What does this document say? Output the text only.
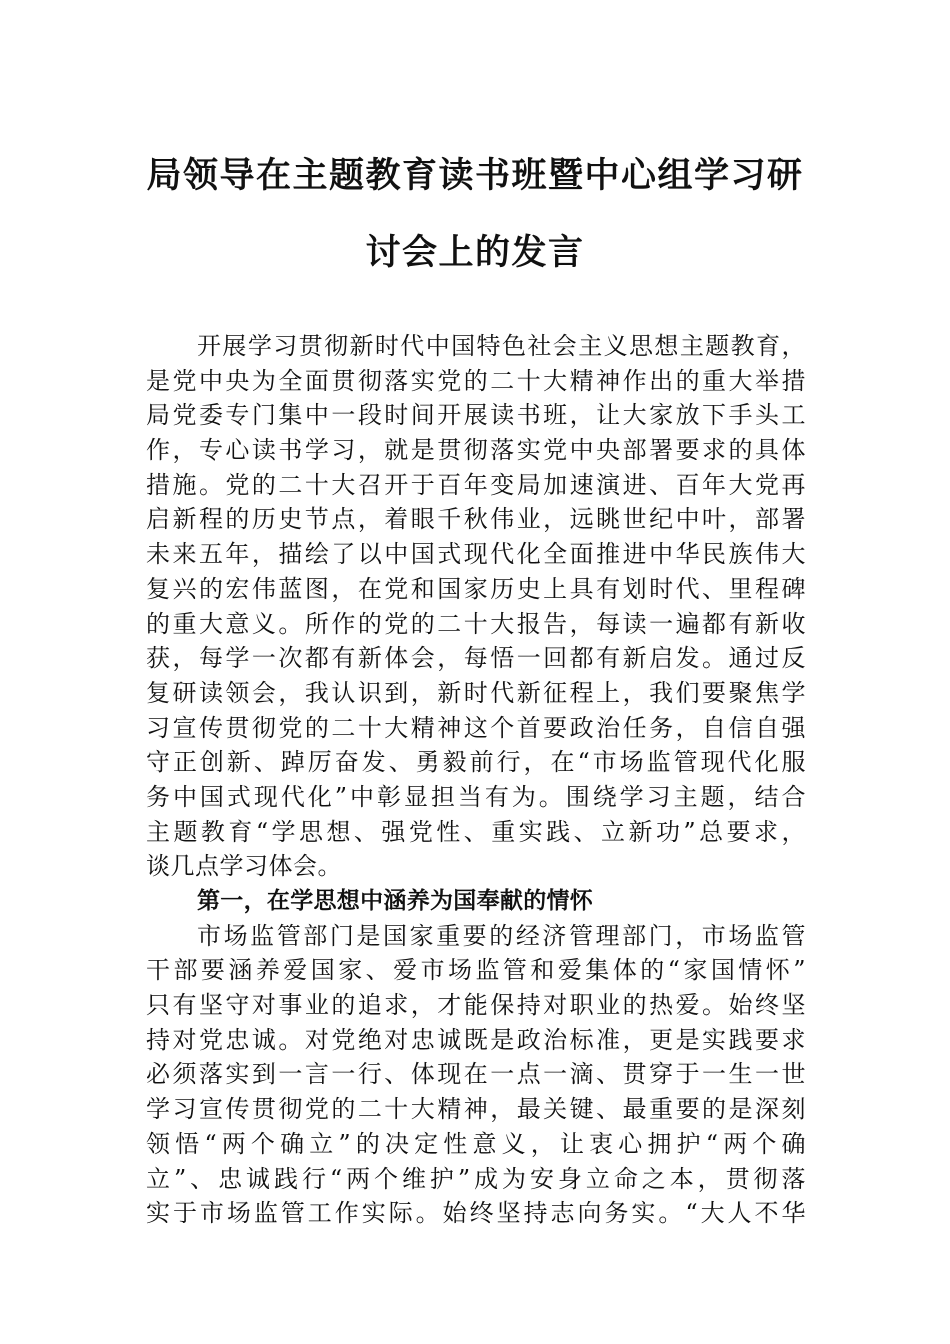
局领导在主题教育读书班暨中心组学习研
讨会上的发言
开展学习贯彻新时代中国特色社会主义思想主题教育，
是党中央为全面贯彻落实党的二十大精神作出的重大举措
局党委专门集中一段时间开展读书班，让大家放下手头工
作，专心读书学习，就是贯彻落实党中央部署要求的具体
措施。党的二十大召开于百年变局加速演进、百年大党再
启新程的历史节点，着眼千秋伟业，远眺世纪中叶，部署
未来五年，描绘了以中国式现代化全面推进中华民族伟大
复兴的宏伟蓝图，在党和国家历史上具有划时代、里程碑
的重大意义。所作的党的二十大报告，每读一遍都有新收
获，每学一次都有新体会，每悟一回都有新启发。通过反
复研读领会，我认识到，新时代新征程上，我们要聚焦学
习宣传贯彻党的二十大精神这个首要政治任务，自信自强
守正创新、踔厉奋发、勇毅前行，在“市场监管现代化服
务中国式现代化”中彰显担当有为。围绕学习主题，结合
主题教育“学思想、强党性、重实践、立新功”总要求，
谈几点学习体会。
第一，在学思想中涵养为国奉献的情怀
市场监管部门是国家重要的经济管理部门，市场监管
干部要涵养爱国家、爱市场监管和爱集体的“家国情怀”
只有坚守对事业的追求，才能保持对职业的热爱。始终坚
持对党忠诚。对党绝对忠诚既是政治标准，更是实践要求
必须落实到一言一行、体现在一点一滴、贯穿于一生一世
学习宣传贯彻党的二十大精神，最关键、最重要的是深刻
领悟“两个确立”的决定性意义，让衷心拥护“两个确
立”、忠诚践行“两个维护”成为安身立命之本，贯彻落
实于市场监管工作实际。始终坚持志向务实。“大人不华
